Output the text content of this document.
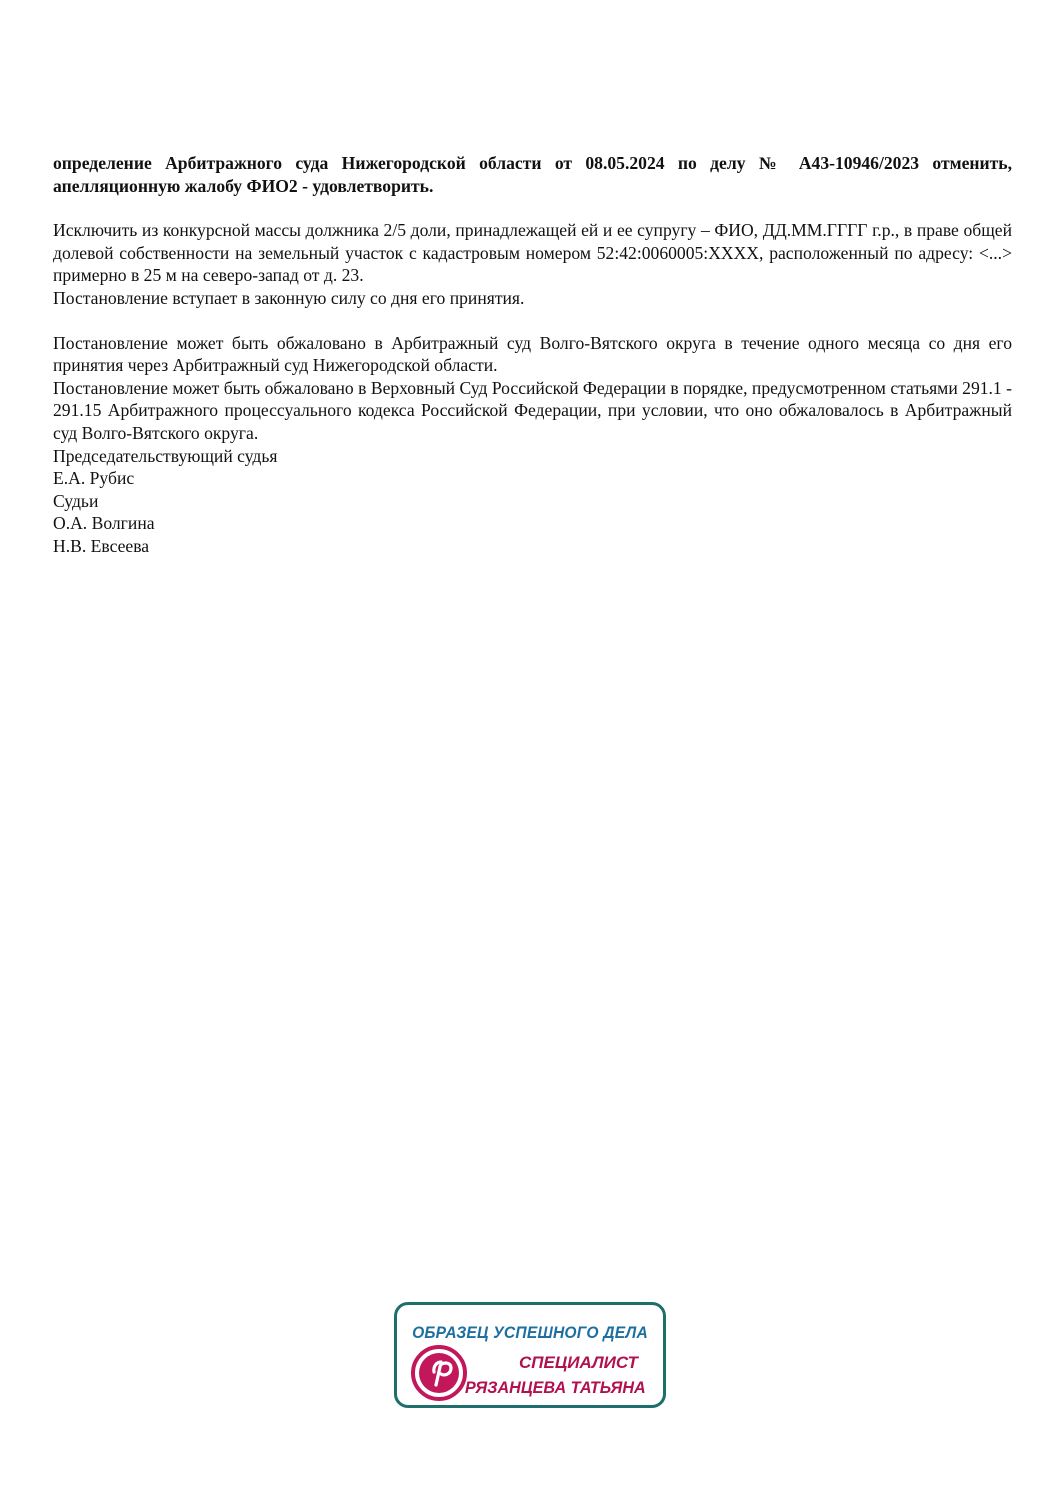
определение Арбитражного суда Нижегородской области от 08.05.2024 по делу № А43-10946/2023 отменить, апелляционную жалобу ФИО2 - удовлетворить.

Исключить из конкурсной массы должника 2/5 доли, принадлежащей ей и ее супругу – ФИО, ДД.ММ.ГГГГ г.р., в праве общей долевой собственности на земельный участок с кадастровым номером 52:42:0060005:XXXX, расположенный по адресу: <...> примерно в 25 м на северо-запад от д. 23.

Постановление вступает в законную силу со дня его принятия.

Постановление может быть обжаловано в Арбитражный суд Волго-Вятского округа в течение одного месяца со дня его принятия через Арбитражный суд Нижегородской области.

Постановление может быть обжаловано в Верховный Суд Российской Федерации в порядке, предусмотренном статьями 291.1 - 291.15 Арбитражного процессуального кодекса Российской Федерации, при условии, что оно обжаловалось в Арбитражный суд Волго-Вятского округа.

Председательствующий судья
Е.А. Рубис
Судьи
О.А. Волгина
Н.В. Евсеева
ОБРАЗЕЦ УСПЕШНОГО ДЕЛА
СПЕЦИАЛИСТ
РЯЗАНЦЕВА ТАТЬЯНА
